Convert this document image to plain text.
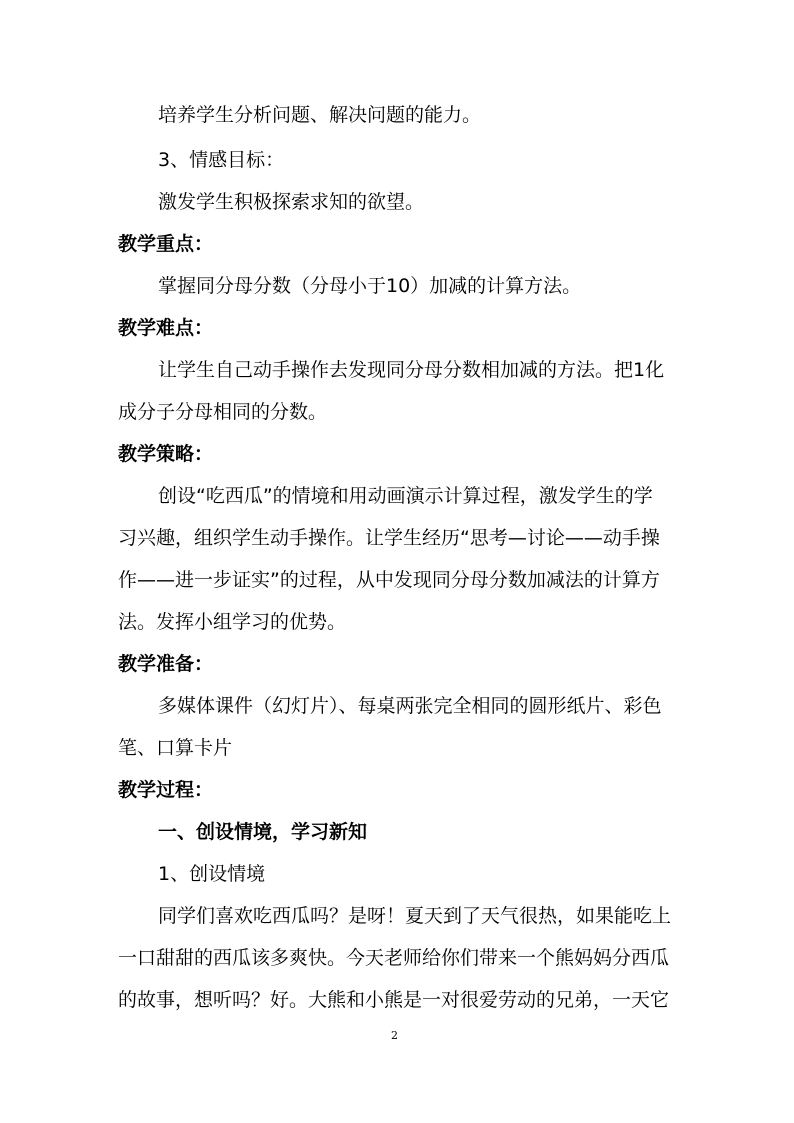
培养学生分析问题、解决问题的能力。
3、情感目标：
激发学生积极探索求知的欲望。
教学重点：
掌握同分母分数（分母小于10）加减的计算方法。
教学难点：
让学生自己动手操作去发现同分母分数相加减的方法。把1化
成分子分母相同的分数。
教学策略：
创设“吃西瓜”的情境和用动画演示计算过程，激发学生的学
习兴趣，组织学生动手操作。让学生经历“思考—讨论——动手操
作——进一步证实”的过程，从中发现同分母分数加减法的计算方
法。发挥小组学习的优势。
教学准备：
多媒体课件（幻灯片）、每桌两张完全相同的圆形纸片、彩色
笔、口算卡片
教学过程：
一、创设情境，学习新知
1、创设情境
同学们喜欢吃西瓜吗？是呀！夏天到了天气很热，如果能吃上
一口甜甜的西瓜该多爽快。今天老师给你们带来一个熊妈妈分西瓜
的故事，想听吗？好。大熊和小熊是一对很爱劳动的兄弟，一天它
2
